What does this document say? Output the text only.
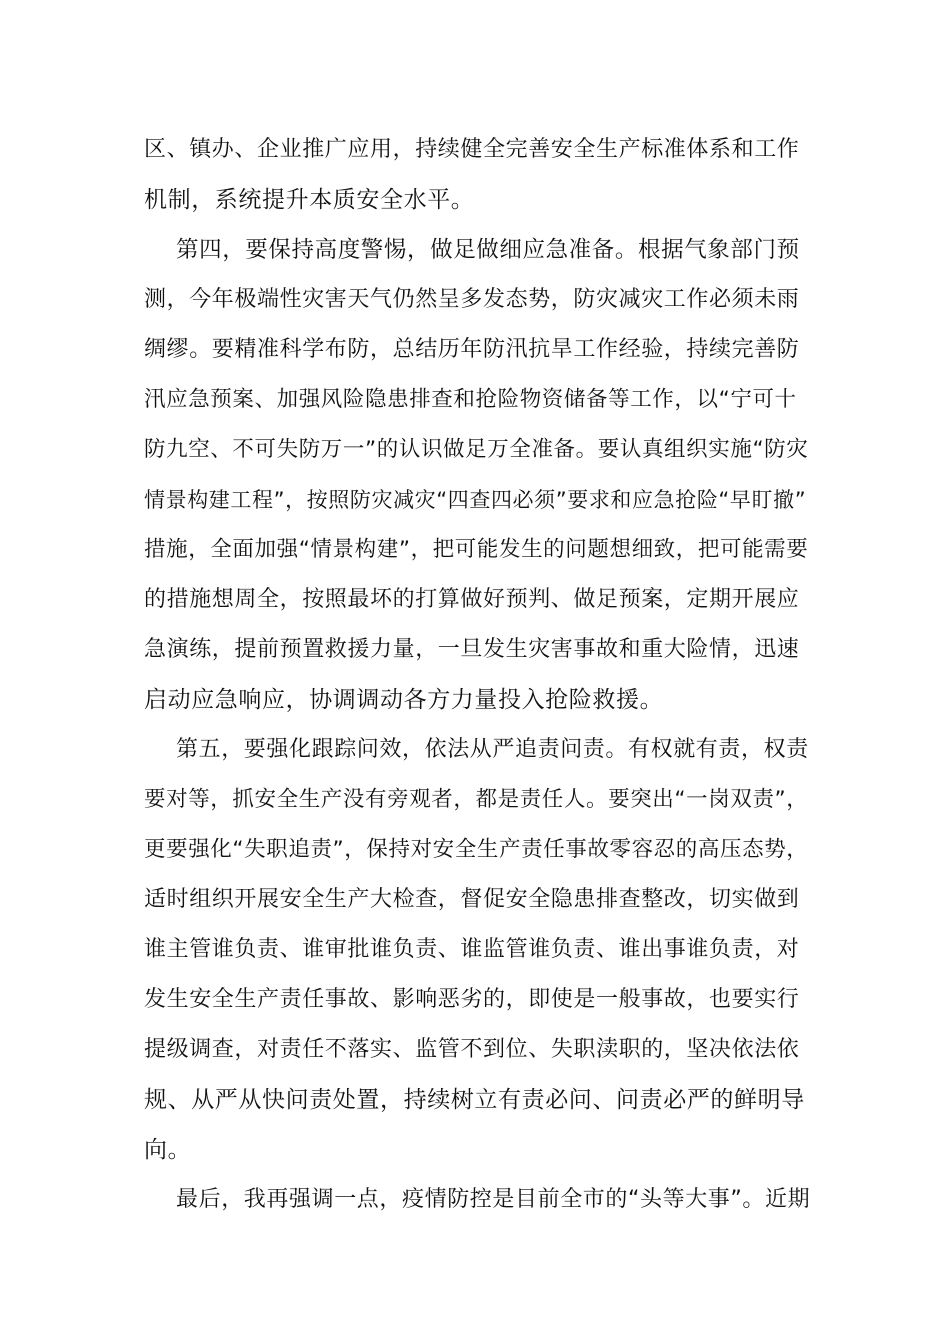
区、镇办、企业推广应用，持续健全完善安全生产标准体系和工作
机制，系统提升本质安全水平。
第四，要保持高度警惕，做足做细应急准备。根据气象部门预
测，今年极端性灾害天气仍然呈多发态势，防灾减灾工作必须未雨
绸缪。要精准科学布防，总结历年防汛抗旱工作经验，持续完善防
汛应急预案、加强风险隐患排查和抢险物资储备等工作，以“宁可十
防九空、不可失防万一”的认识做足万全准备。要认真组织实施“防灾
情景构建工程”，按照防灾减灾“四查四必须”要求和应急抢险“早盯撤”
措施，全面加强“情景构建”，把可能发生的问题想细致，把可能需要
的措施想周全，按照最坏的打算做好预判、做足预案，定期开展应
急演练，提前预置救援力量，一旦发生灾害事故和重大险情，迅速
启动应急响应，协调调动各方力量投入抢险救援。
第五，要强化跟踪问效，依法从严追责问责。有权就有责，权责
要对等，抓安全生产没有旁观者，都是责任人。要突出“一岗双责”，
更要强化“失职追责”，保持对安全生产责任事故零容忍的高压态势，
适时组织开展安全生产大检查，督促安全隐患排查整改，切实做到
谁主管谁负责、谁审批谁负责、谁监管谁负责、谁出事谁负责，对
发生安全生产责任事故、影响恶劣的，即使是一般事故，也要实行
提级调查，对责任不落实、监管不到位、失职渎职的，坚决依法依
规、从严从快问责处置，持续树立有责必问、问责必严的鲜明导
向。
最后，我再强调一点，疫情防控是目前全市的“头等大事”。近期
